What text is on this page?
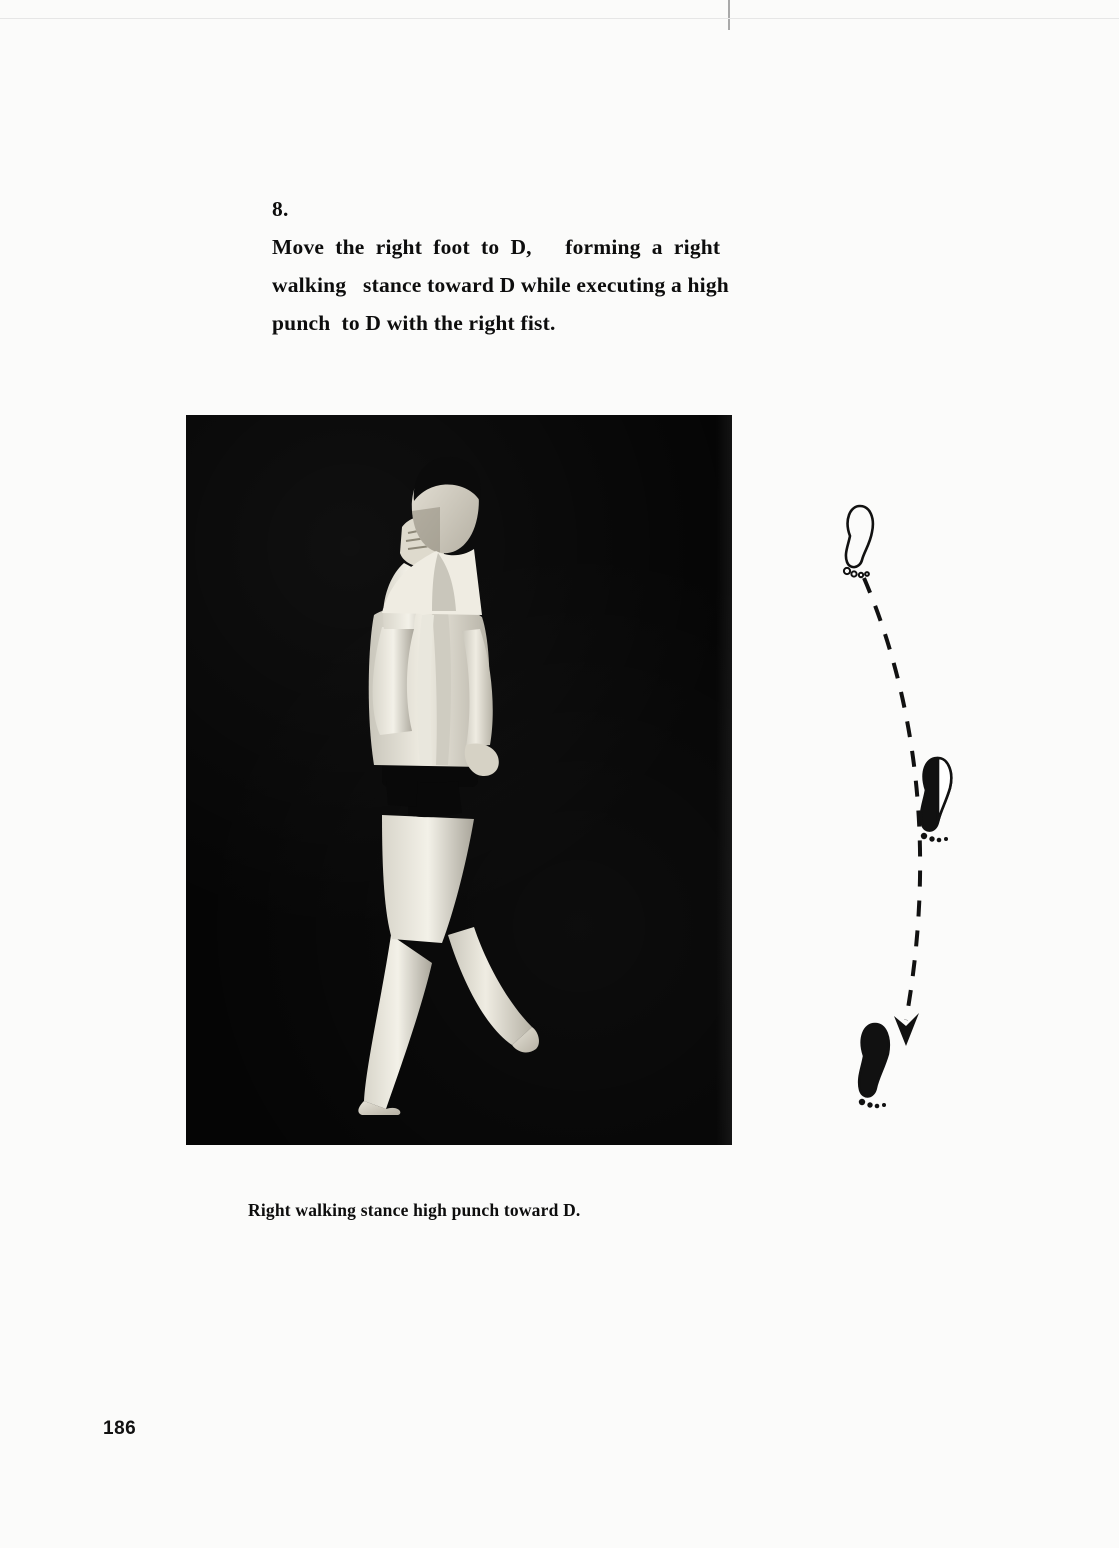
8.
Move  the  right  foot  to  D,      forming  a  right
walking   stance toward D while executing a high
punch  to D with the right fist.
Right walking stance high punch toward D.
186
